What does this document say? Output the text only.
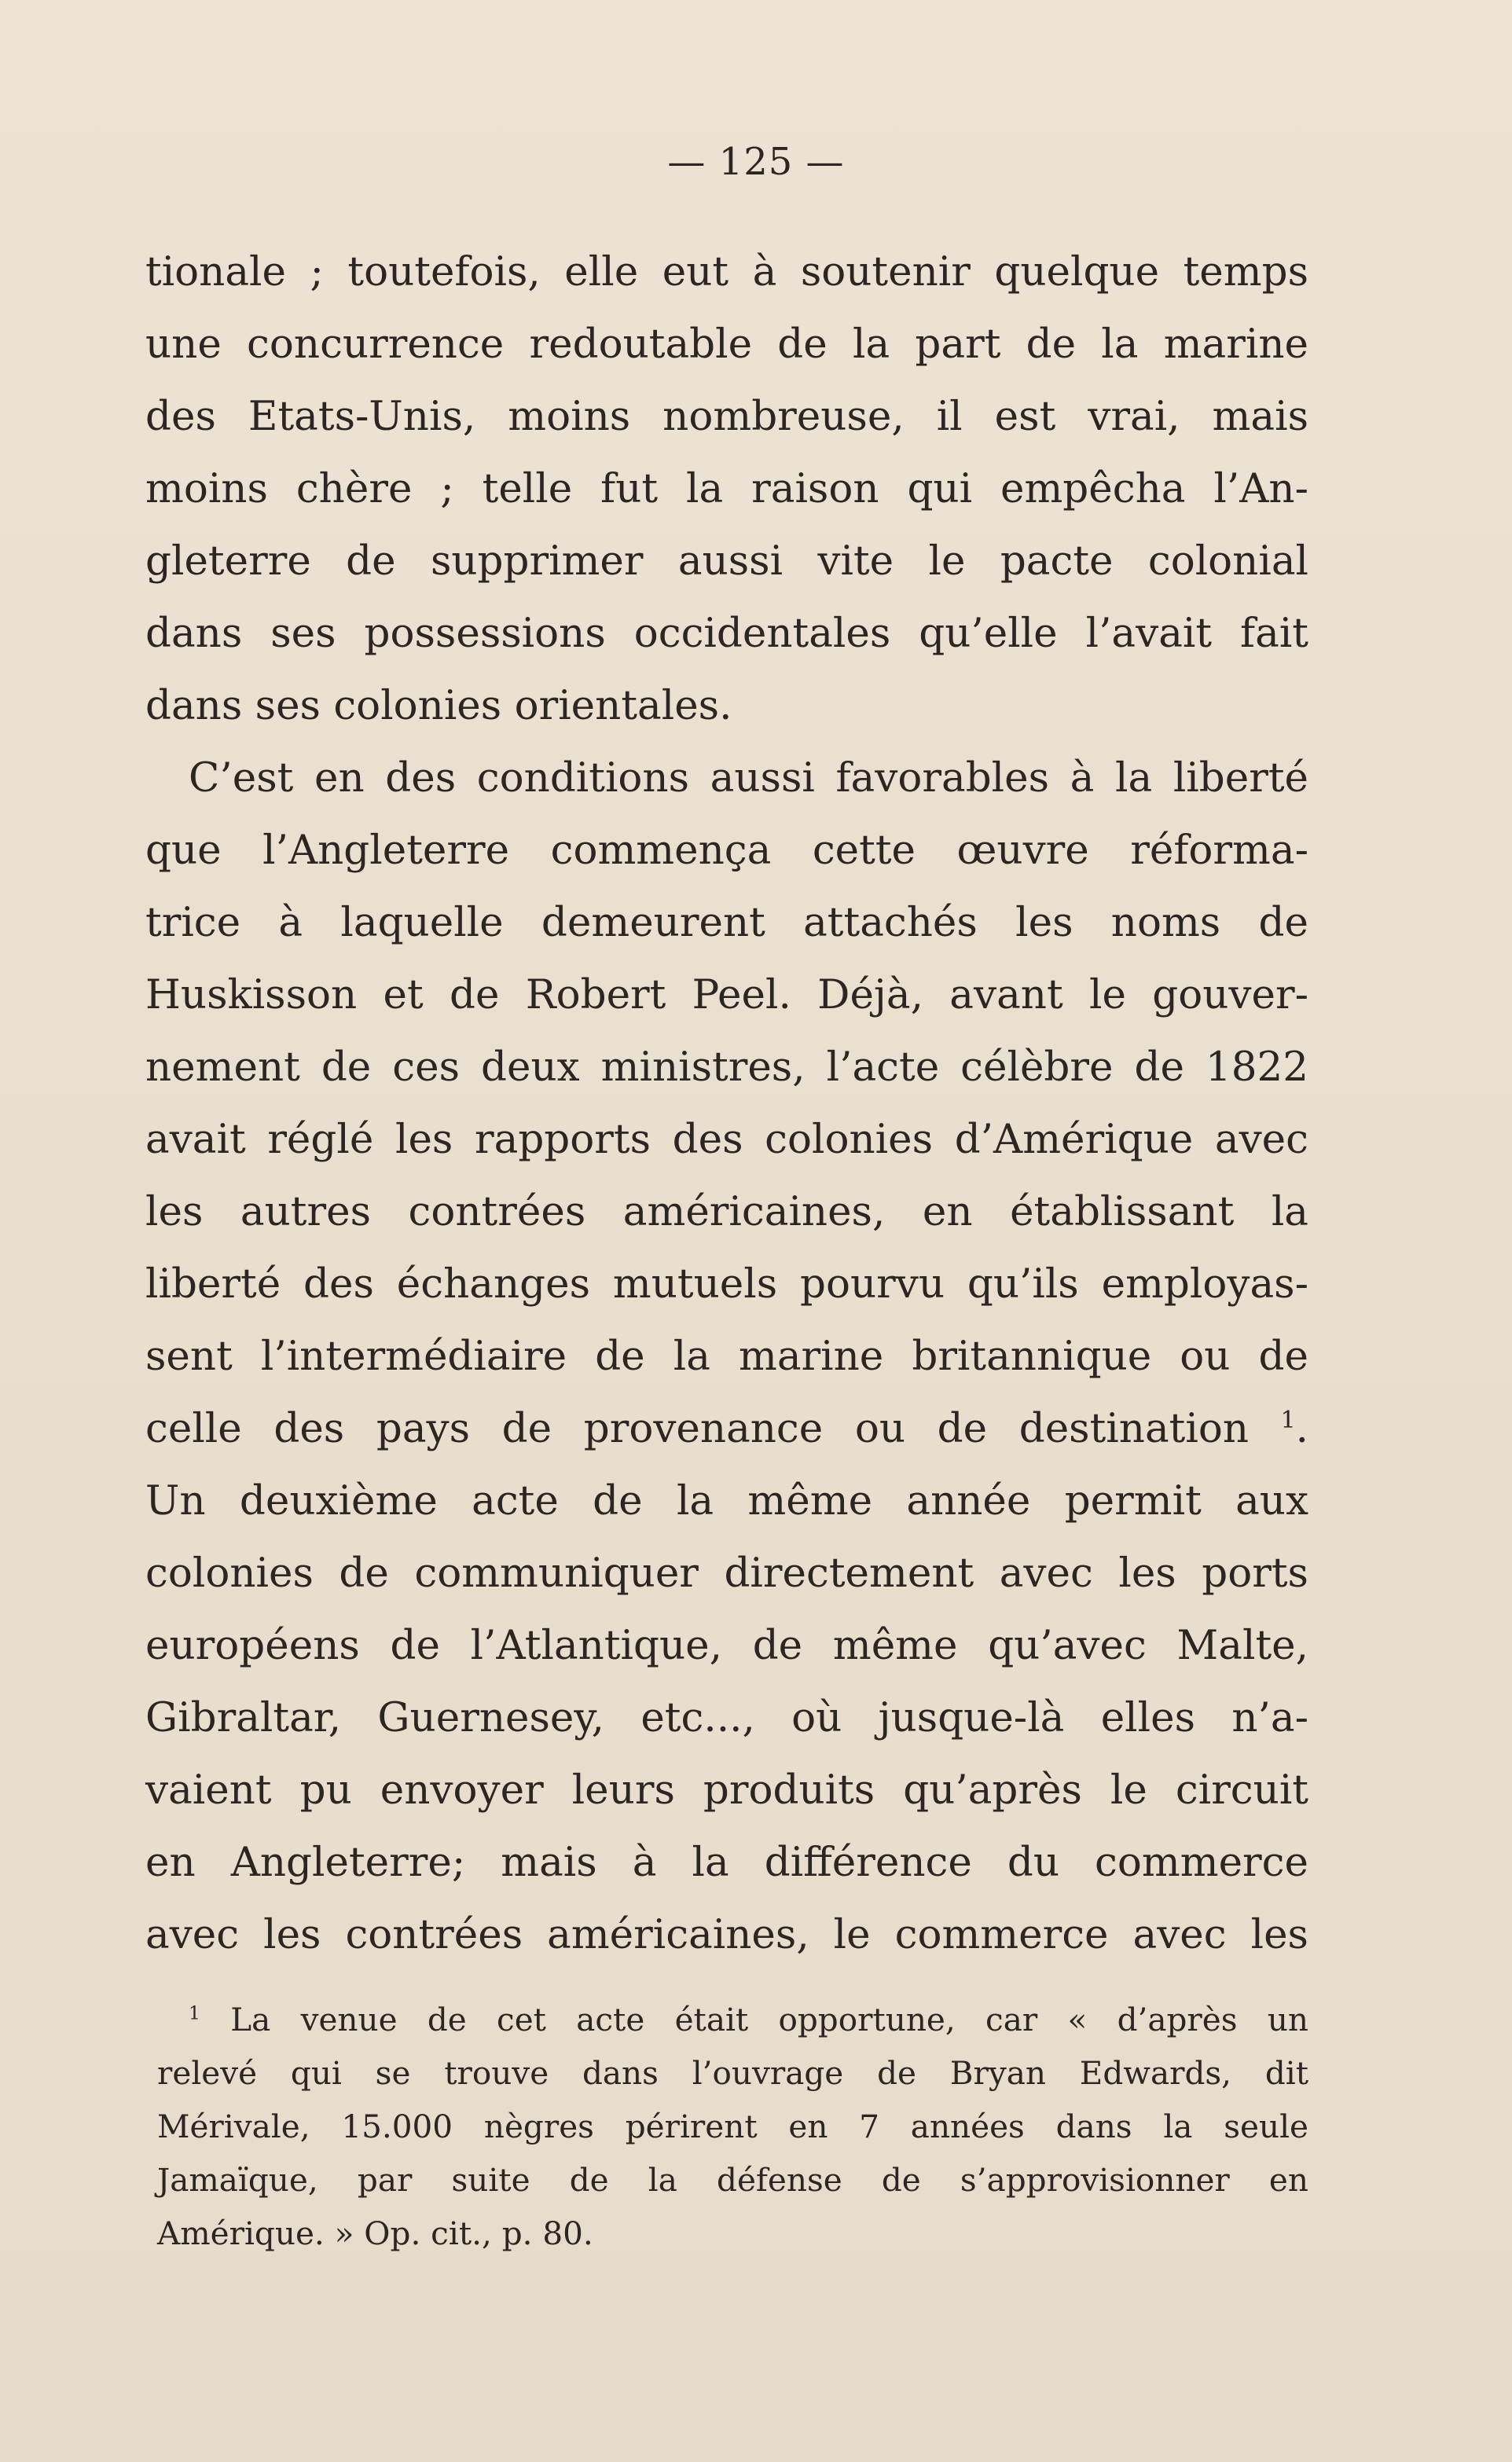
— 125 —
tionale ; toutefois, elle eut à soutenir quelque temps
une concurrence redoutable de la part de la marine
des Etats-Unis, moins nombreuse, il est vrai, mais
moins chère ; telle fut la raison qui empêcha l’An-
gleterre de supprimer aussi vite le pacte colonial
dans ses possessions occidentales qu’elle l’avait fait
dans ses colonies orientales.
C’est en des conditions aussi favorables à la liberté
que l’Angleterre commença cette œuvre réforma-
trice à laquelle demeurent attachés les noms de
Huskisson et de Robert Peel. Déjà, avant le gouver-
nement de ces deux ministres, l’acte célèbre de 1822
avait réglé les rapports des colonies d’Amérique avec
les autres contrées américaines, en établissant la
liberté des échanges mutuels pourvu qu’ils employas-
sent l’intermédiaire de la marine britannique ou de
celle des pays de provenance ou de destination $^1$.
Un deuxième acte de la même année permit aux
colonies de communiquer directement avec les ports
européens de l’Atlantique, de même qu’avec Malte,
Gibraltar, Guernesey, etc..., où jusque-là elles n’a-
vaient pu envoyer leurs produits qu’après le circuit
en Angleterre; mais à la différence du commerce
avec les contrées américaines, le commerce avec les
$^1$ La venue de cet acte était opportune, car « d’après un
relevé qui se trouve dans l’ouvrage de Bryan Edwards, dit
Mérivale, 15.000 nègres périrent en 7 années dans la seule
Jamaïque, par suite de la défense de s’approvisionner en
Amérique. » Op. cit., p. 80.
